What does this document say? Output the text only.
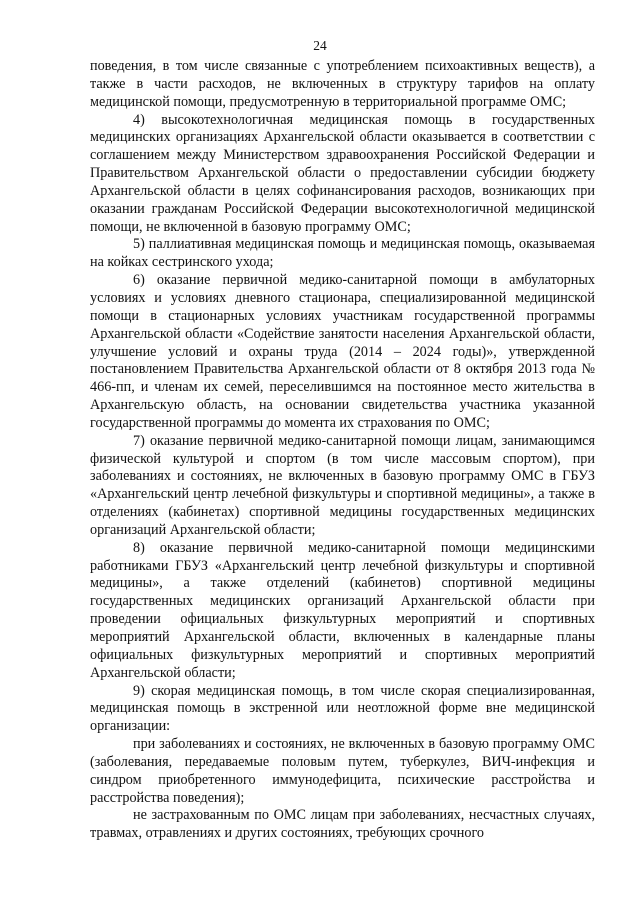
24

поведения, в том числе связанные с употреблением психоактивных веществ), а также в части расходов, не включенных в структуру тарифов на оплату медицинской помощи, предусмотренную в территориальной программе ОМС;

4) высокотехнологичная медицинская помощь в государственных медицинских организациях Архангельской области оказывается в соответствии с соглашением между Министерством здравоохранения Российской Федерации и Правительством Архангельской области о предоставлении субсидии бюджету Архангельской области в целях софинансирования расходов, возникающих при оказании гражданам Российской Федерации высокотехнологичной медицинской помощи, не включенной в базовую программу ОМС;

5) паллиативная медицинская помощь и медицинская помощь, оказываемая на койках сестринского ухода;

6) оказание первичной медико-санитарной помощи в амбулаторных условиях и условиях дневного стационара, специализированной медицинской помощи в стационарных условиях участникам государственной программы Архангельской области «Содействие занятости населения Архангельской области, улучшение условий и охраны труда (2014 – 2024 годы)», утвержденной постановлением Правительства Архангельской области от 8 октября 2013 года № 466-пп, и членам их семей, переселившимся на постоянное место жительства в Архангельскую область, на основании свидетельства участника указанной государственной программы до момента их страхования по ОМС;

7) оказание первичной медико-санитарной помощи лицам, занимающимся физической культурой и спортом (в том числе массовым спортом), при заболеваниях и состояниях, не включенных в базовую программу ОМС в ГБУЗ «Архангельский центр лечебной физкультуры и спортивной медицины», а также в отделениях (кабинетах) спортивной медицины государственных медицинских организаций Архангельской области;

8) оказание первичной медико-санитарной помощи медицинскими работниками ГБУЗ «Архангельский центр лечебной физкультуры и спортивной медицины», а также отделений (кабинетов) спортивной медицины государственных медицинских организаций Архангельской области при проведении официальных физкультурных мероприятий и спортивных мероприятий Архангельской области, включенных в календарные планы официальных физкультурных мероприятий и спортивных мероприятий Архангельской области;

9) скорая медицинская помощь, в том числе скорая специализированная, медицинская помощь в экстренной или неотложной форме вне медицинской организации:

при заболеваниях и состояниях, не включенных в базовую программу ОМС (заболевания, передаваемые половым путем, туберкулез, ВИЧ-инфекция и синдром приобретенного иммунодефицита, психические расстройства и расстройства поведения);

не застрахованным по ОМС лицам при заболеваниях, несчастных случаях, травмах, отравлениях и других состояниях, требующих срочного
